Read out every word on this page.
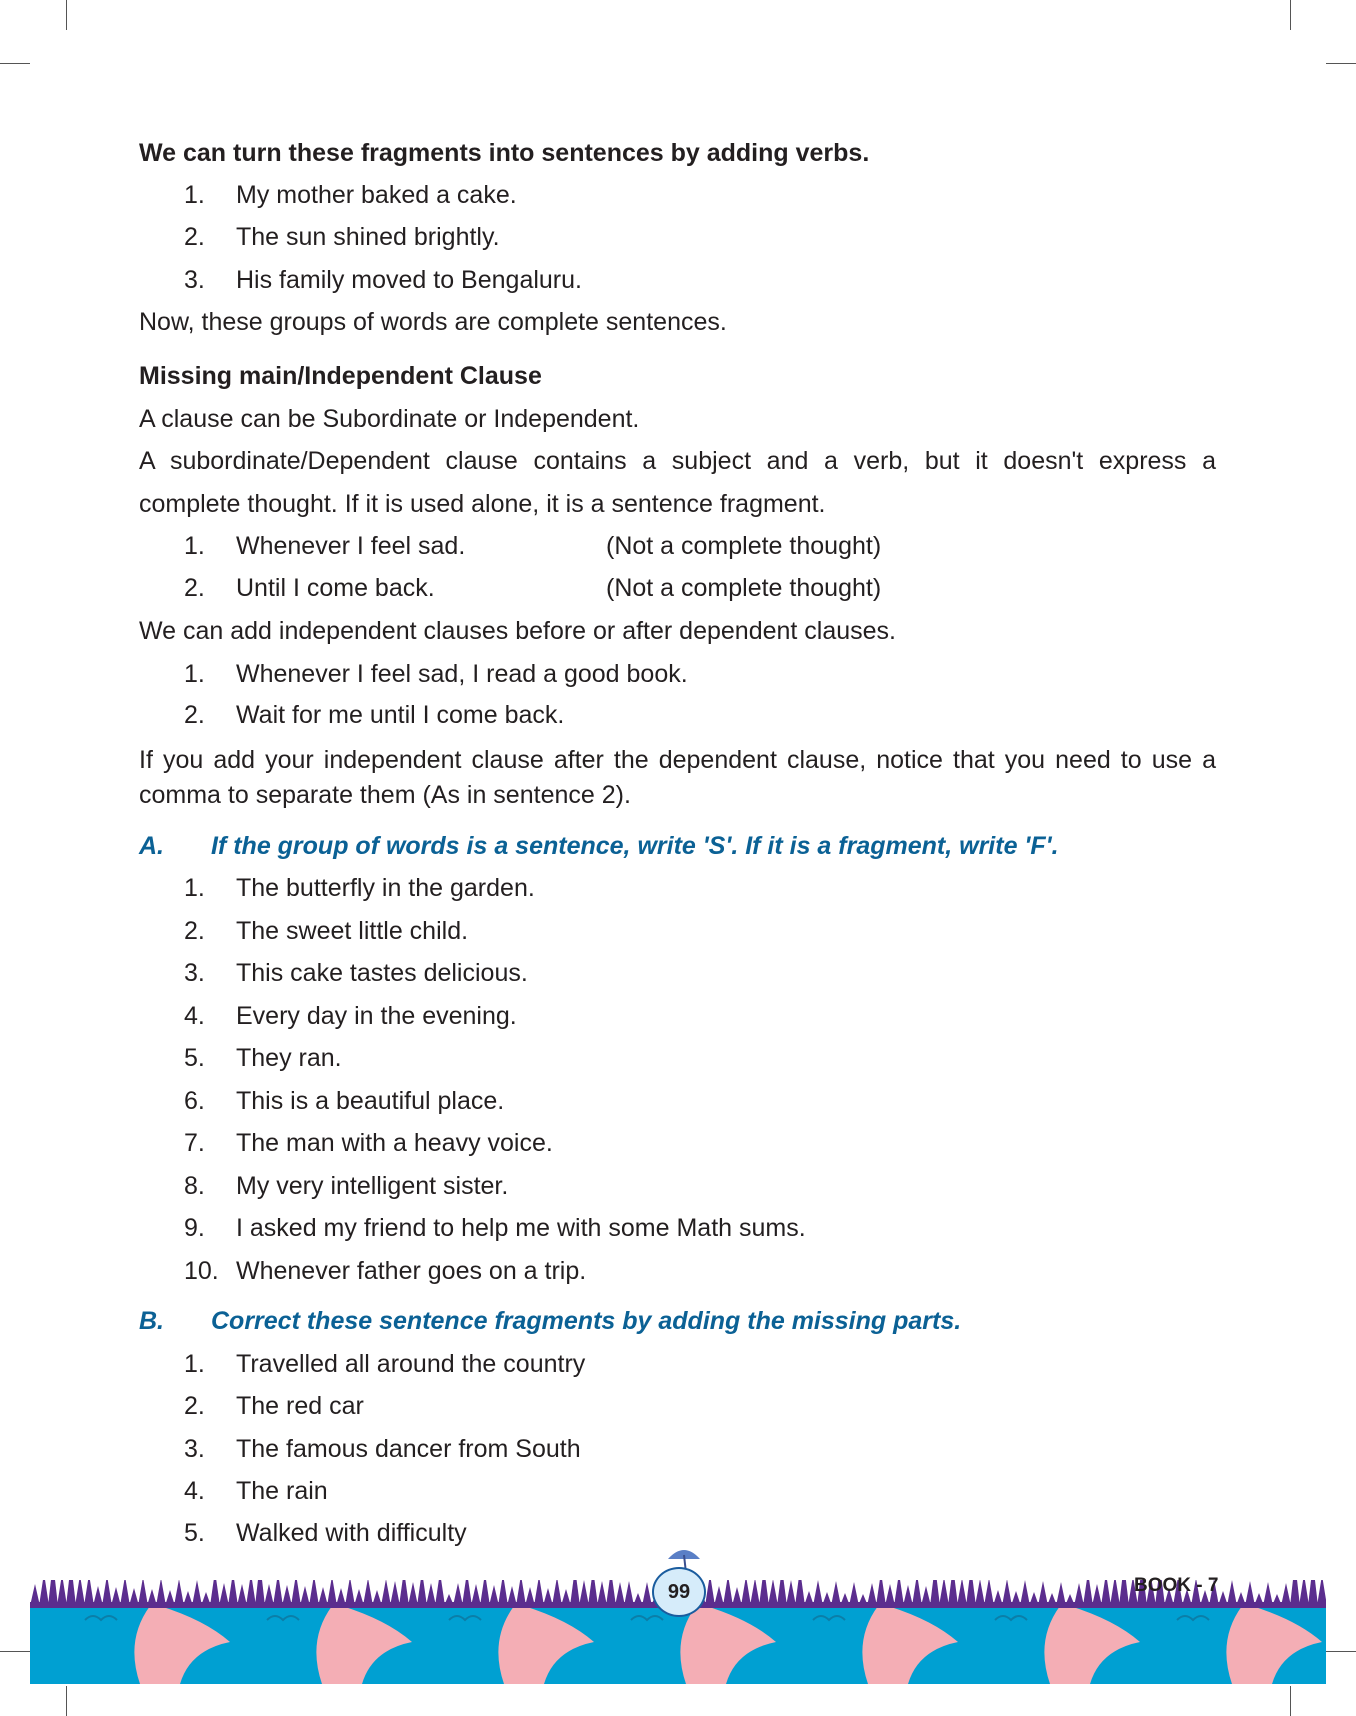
We can turn these fragments into sentences by adding verbs.
1. My mother baked a cake.
2. The sun shined brightly.
3. His family moved to Bengaluru.
Now, these groups of words are complete sentences.
Missing main/Independent Clause
A clause can be Subordinate or Independent.
A subordinate/Dependent clause contains a subject and a verb, but it doesn't express a
complete thought. If it is used alone, it is a sentence fragment.
1. Whenever I feel sad.	(Not a complete thought)
2. Until I come back.	(Not a complete thought)
We can add independent clauses before or after dependent clauses.
1. Whenever I feel sad, I read a good book.
2. Wait for me until I come back.
If you add your independent clause after the dependent clause, notice that you need to use a
comma to separate them (As in sentence 2).
A. If the group of words is a sentence, write 'S'. If it is a fragment, write 'F'.
1. The butterfly in the garden.
2. The sweet little child.
3. This cake tastes delicious.
4. Every day in the evening.
5. They ran.
6. This is a beautiful place.
7. The man with a heavy voice.
8. My very intelligent sister.
9. I asked my friend to help me with some Math sums.
10. Whenever father goes on a trip.
B. Correct these sentence fragments by adding the missing parts.
1. Travelled all around the country
2. The red car
3. The famous dancer from South
4. The rain
5. Walked with difficulty
99	BOOK - 7
